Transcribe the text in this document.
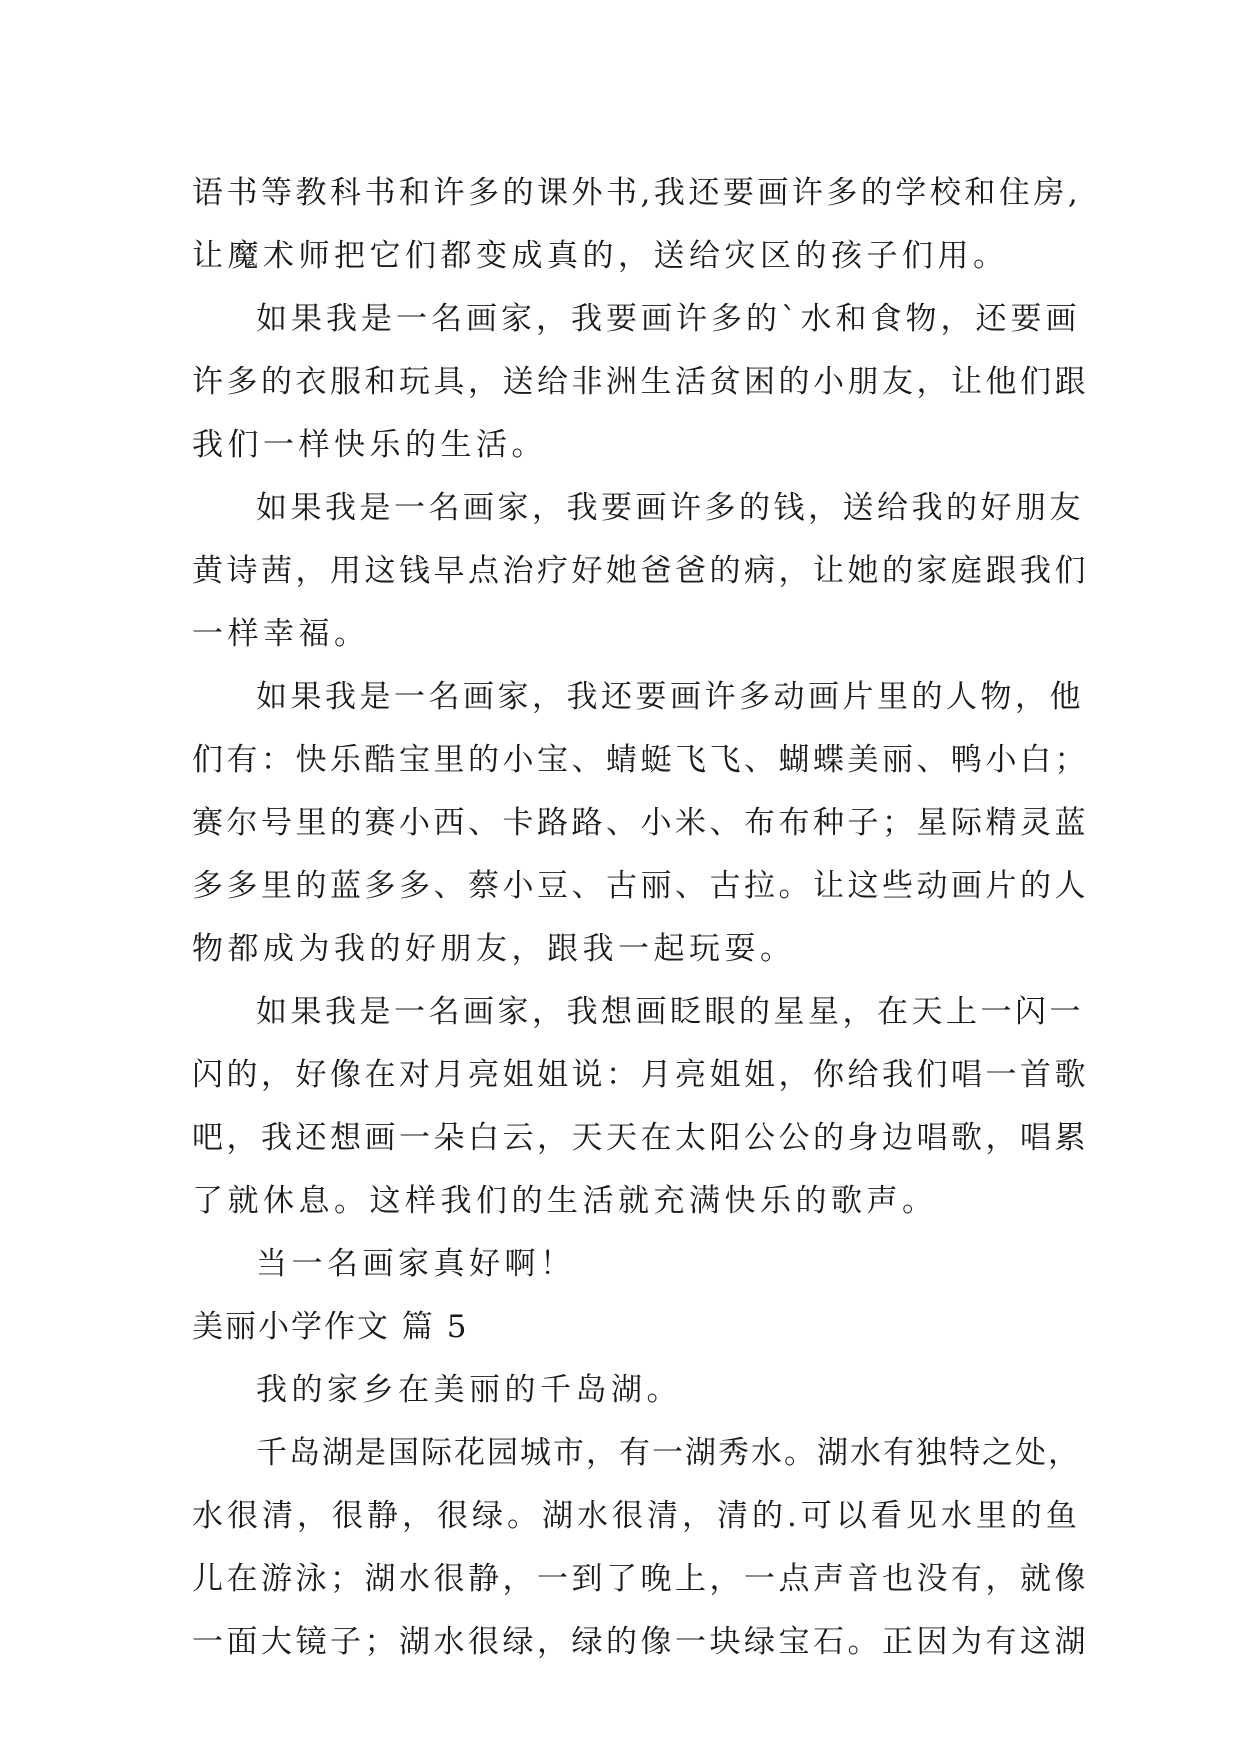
语书等教科书和许多的课外书,我还要画许多的学校和住房,
让魔术师把它们都变成真的，送给灾区的孩子们用。
如果我是一名画家，我要画许多的`水和食物，还要画
许多的衣服和玩具，送给非洲生活贫困的小朋友，让他们跟
我们一样快乐的生活。
如果我是一名画家，我要画许多的钱，送给我的好朋友
黄诗茜，用这钱早点治疗好她爸爸的病，让她的家庭跟我们
一样幸福。
如果我是一名画家，我还要画许多动画片里的人物，他
们有：快乐酷宝里的小宝、蜻蜓飞飞、蝴蝶美丽、鸭小白；
赛尔号里的赛小西、卡路路、小米、布布种子；星际精灵蓝
多多里的蓝多多、蔡小豆、古丽、古拉。让这些动画片的人
物都成为我的好朋友，跟我一起玩耍。
如果我是一名画家，我想画眨眼的星星，在天上一闪一
闪的，好像在对月亮姐姐说：月亮姐姐，你给我们唱一首歌
吧，我还想画一朵白云，天天在太阳公公的身边唱歌，唱累
了就休息。这样我们的生活就充满快乐的歌声。
当一名画家真好啊！
美丽小学作文 篇 5
我的家乡在美丽的千岛湖。
千岛湖是国际花园城市，有一湖秀水。湖水有独特之处，
水很清，很静，很绿。湖水很清，清的.可以看见水里的鱼
儿在游泳；湖水很静，一到了晚上，一点声音也没有，就像
一面大镜子；湖水很绿，绿的像一块绿宝石。正因为有这湖
